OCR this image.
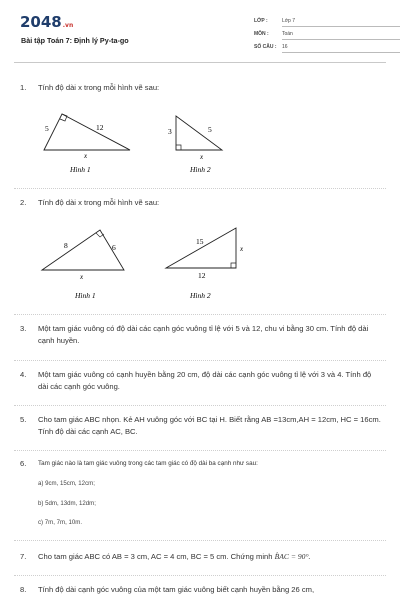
2048.vn
Bài tập Toán 7: Định lý Py-ta-go
LỚP :	Lớp 7
MÔN :	Toán
SỐ CÂU : 16
1. Tính độ dài x trong mỗi hình vẽ sau:
5	12
x
Hình 1
3	5
x
Hình 2
2. Tính độ dài x trong mỗi hình vẽ sau:
8	6
x
Hình 1
15
x
12
Hình 2
3. Một tam giác vuông có độ dài các cạnh góc vuông tỉ lệ với 5 và 12, chu vi bằng 30 cm. Tính độ dài cạnh huyền.
4. Một tam giác vuông có cạnh huyền bằng 20 cm, độ dài các cạnh góc vuông tỉ lệ với 3 và 4. Tính độ dài các cạnh góc vuông.
5. Cho tam giác ABC nhọn. Kẻ AH vuông góc với BC tại H. Biết rằng AB =13cm,AH = 12cm, HC = 16cm. Tính độ dài các cạnh AC, BC.
6. Tam giác nào là tam giác vuông trong các tam giác có độ dài ba cạnh như sau:
a) 9cm, 15cm, 12cm;
b) 5dm, 13dm, 12dm;
c) 7m, 7m, 10m.
7. Cho tam giác ABC có AB = 3 cm, AC = 4 cm, BC = 5 cm. Chứng minh B̂AC = 90°.
8. Tính độ dài cạnh góc vuông của một tam giác vuông biết cạnh huyền bằng 26 cm,
